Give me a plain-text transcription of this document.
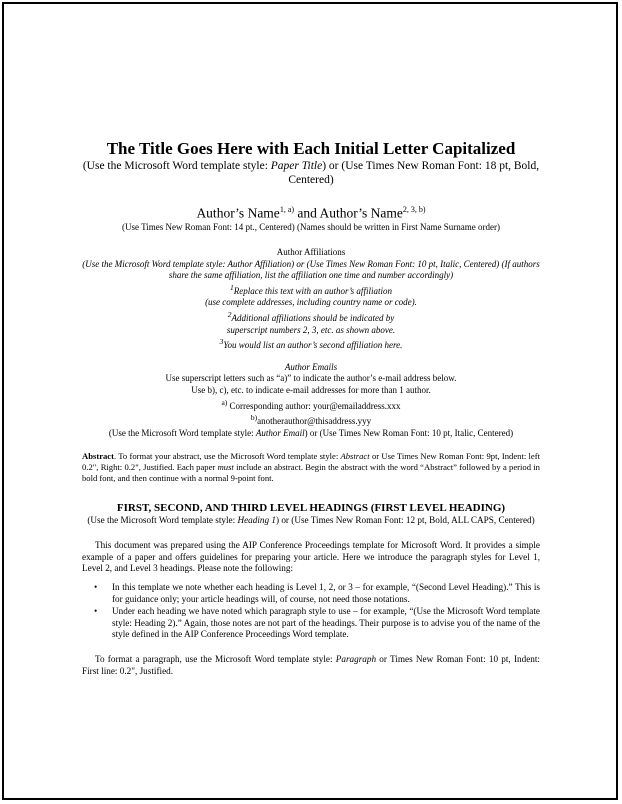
The Title Goes Here with Each Initial Letter Capitalized
(Use the Microsoft Word template style: Paper Title) or (Use Times New Roman Font: 18 pt, Bold, Centered)
Author’s Name$^{1, a)}$ and Author’s Name$^{2, 3, b)}$
(Use Times New Roman Font: 14 pt., Centered) (Names should be written in First Name Surname order)
Author Affiliations
(Use the Microsoft Word template style: Author Affiliation) or (Use Times New Roman Font: 10 pt, Italic, Centered) (If authors share the same affiliation, list the affiliation one time and number accordingly)
$^1$Replace this text with an author’s affiliation
(use complete addresses, including country name or code).
$^2$Additional affiliations should be indicated by
superscript numbers 2, 3, etc. as shown above.
$^3$You would list an author’s second affiliation here.
Author Emails
Use superscript letters such as “a)” to indicate the author’s e-mail address below.
Use b), c), etc. to indicate e-mail addresses for more than 1 author.
$^{a)}$ Corresponding author: your@emailaddress.xxx
$^{b)}$anotherauthor@thisaddress.yyy
(Use the Microsoft Word template style: Author Email) or (Use Times New Roman Font: 10 pt, Italic, Centered)
Abstract. To format your abstract, use the Microsoft Word template style: Abstract or Use Times New Roman Font: 9pt, Indent: left 0.2", Right: 0.2", Justified. Each paper must include an abstract. Begin the abstract with the word “Abstract” followed by a period in bold font, and then continue with a normal 9-point font.
FIRST, SECOND, AND THIRD LEVEL HEADINGS (FIRST LEVEL HEADING)
(Use the Microsoft Word template style: Heading 1) or (Use Times New Roman Font: 12 pt, Bold, ALL CAPS, Centered)
This document was prepared using the AIP Conference Proceedings template for Microsoft Word. It provides a simple example of a paper and offers guidelines for preparing your article. Here we introduce the paragraph styles for Level 1, Level 2, and Level 3 headings. Please note the following:
• In this template we note whether each heading is Level 1, 2, or 3 – for example, “(Second Level Heading).” This is for guidance only; your article headings will, of course, not need those notations.
• Under each heading we have noted which paragraph style to use – for example, “(Use the Microsoft Word template style: Heading 2).” Again, those notes are not part of the headings. Their purpose is to advise you of the name of the style defined in the AIP Conference Proceedings Word template.
To format a paragraph, use the Microsoft Word template style: Paragraph or Times New Roman Font: 10 pt, Indent: First line: 0.2", Justified.
